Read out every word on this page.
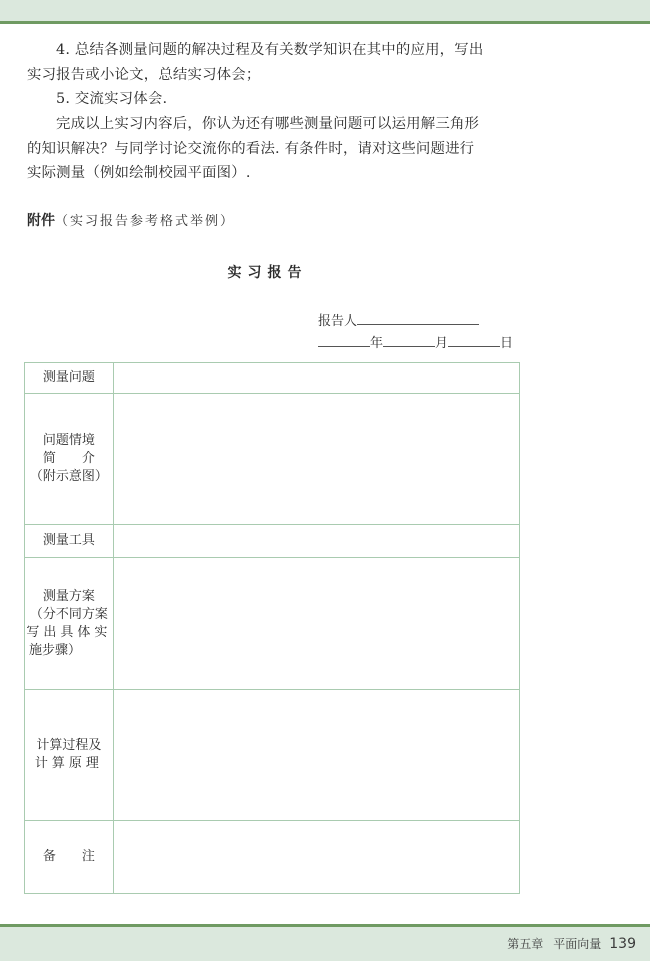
4. 总结各测量问题的解决过程及有关数学知识在其中的应用，写出
实习报告或小论文，总结实习体会；
5. 交流实习体会.
完成以上实习内容后，你认为还有哪些测量问题可以运用解三角形
的知识解决？与同学讨论交流你的看法. 有条件时，请对这些问题进行
实际测量（例如绘制校园平面图）.
附件（实习报告参考格式举例）
实习报告
报告人
年	月	日
测量问题	

问题情境
简　　介
（附示意图）	

测量工具	

测量方案
（分不同方案
写出具体实
施步骤）	

计算过程及
计算原理	

备　　注	

第五章 平面向量 139
